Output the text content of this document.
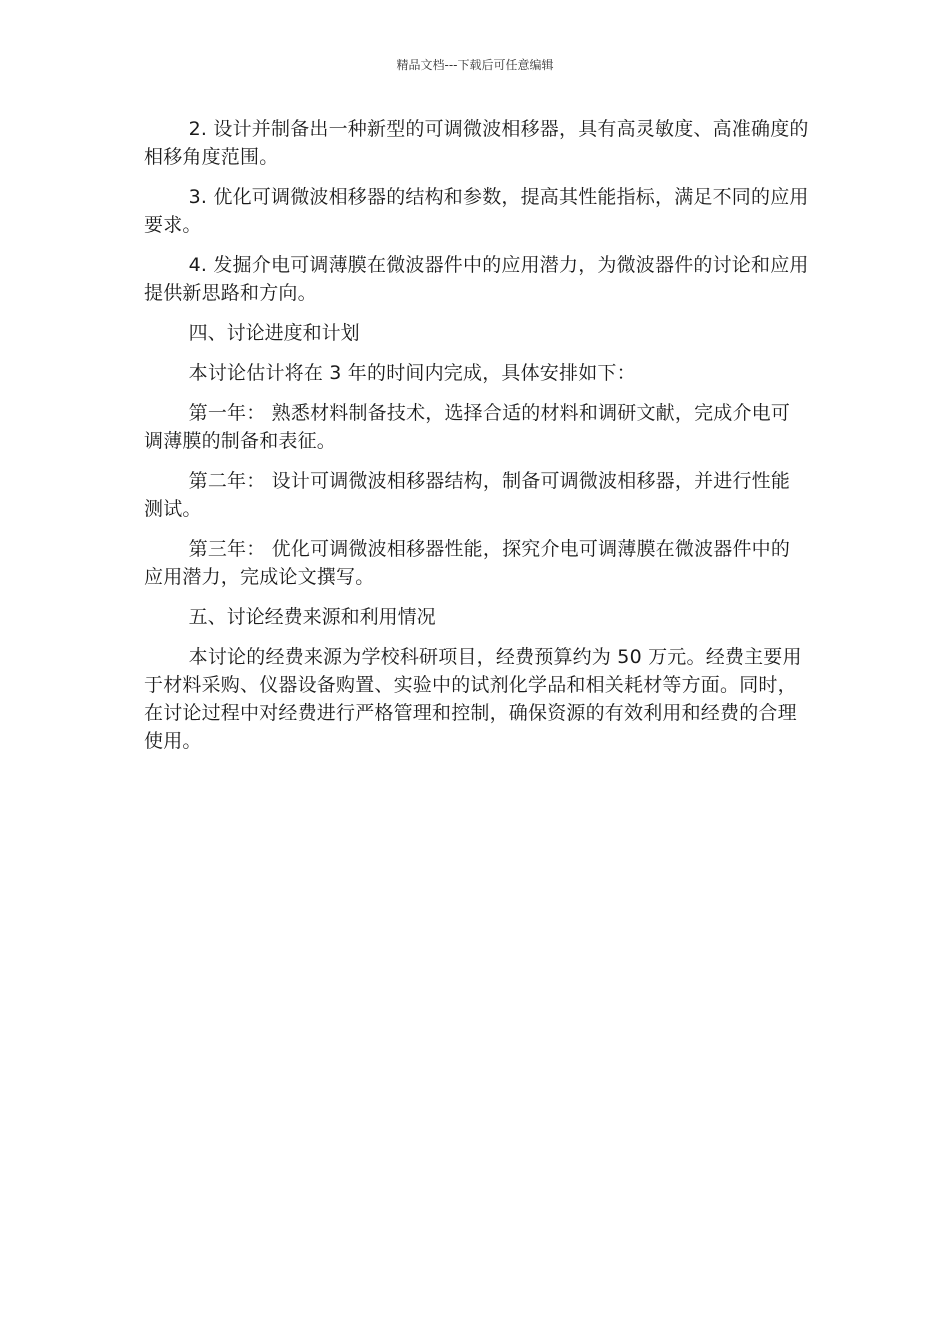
精品文档---下载后可任意编辑

2. 设计并制备出一种新型的可调微波相移器，具有高灵敏度、高准确度的相移角度范围。

3. 优化可调微波相移器的结构和参数，提高其性能指标，满足不同的应用要求。

4. 发掘介电可调薄膜在微波器件中的应用潜力，为微波器件的讨论和应用提供新思路和方向。

四、讨论进度和计划

本讨论估计将在 3 年的时间内完成，具体安排如下：

第一年： 熟悉材料制备技术，选择合适的材料和调研文献，完成介电可调薄膜的制备和表征。

第二年： 设计可调微波相移器结构，制备可调微波相移器，并进行性能测试。

第三年： 优化可调微波相移器性能，探究介电可调薄膜在微波器件中的应用潜力，完成论文撰写。

五、讨论经费来源和利用情况

本讨论的经费来源为学校科研项目，经费预算约为 50 万元。经费主要用于材料采购、仪器设备购置、实验中的试剂化学品和相关耗材等方面。同时，在讨论过程中对经费进行严格管理和控制，确保资源的有效利用和经费的合理使用。
